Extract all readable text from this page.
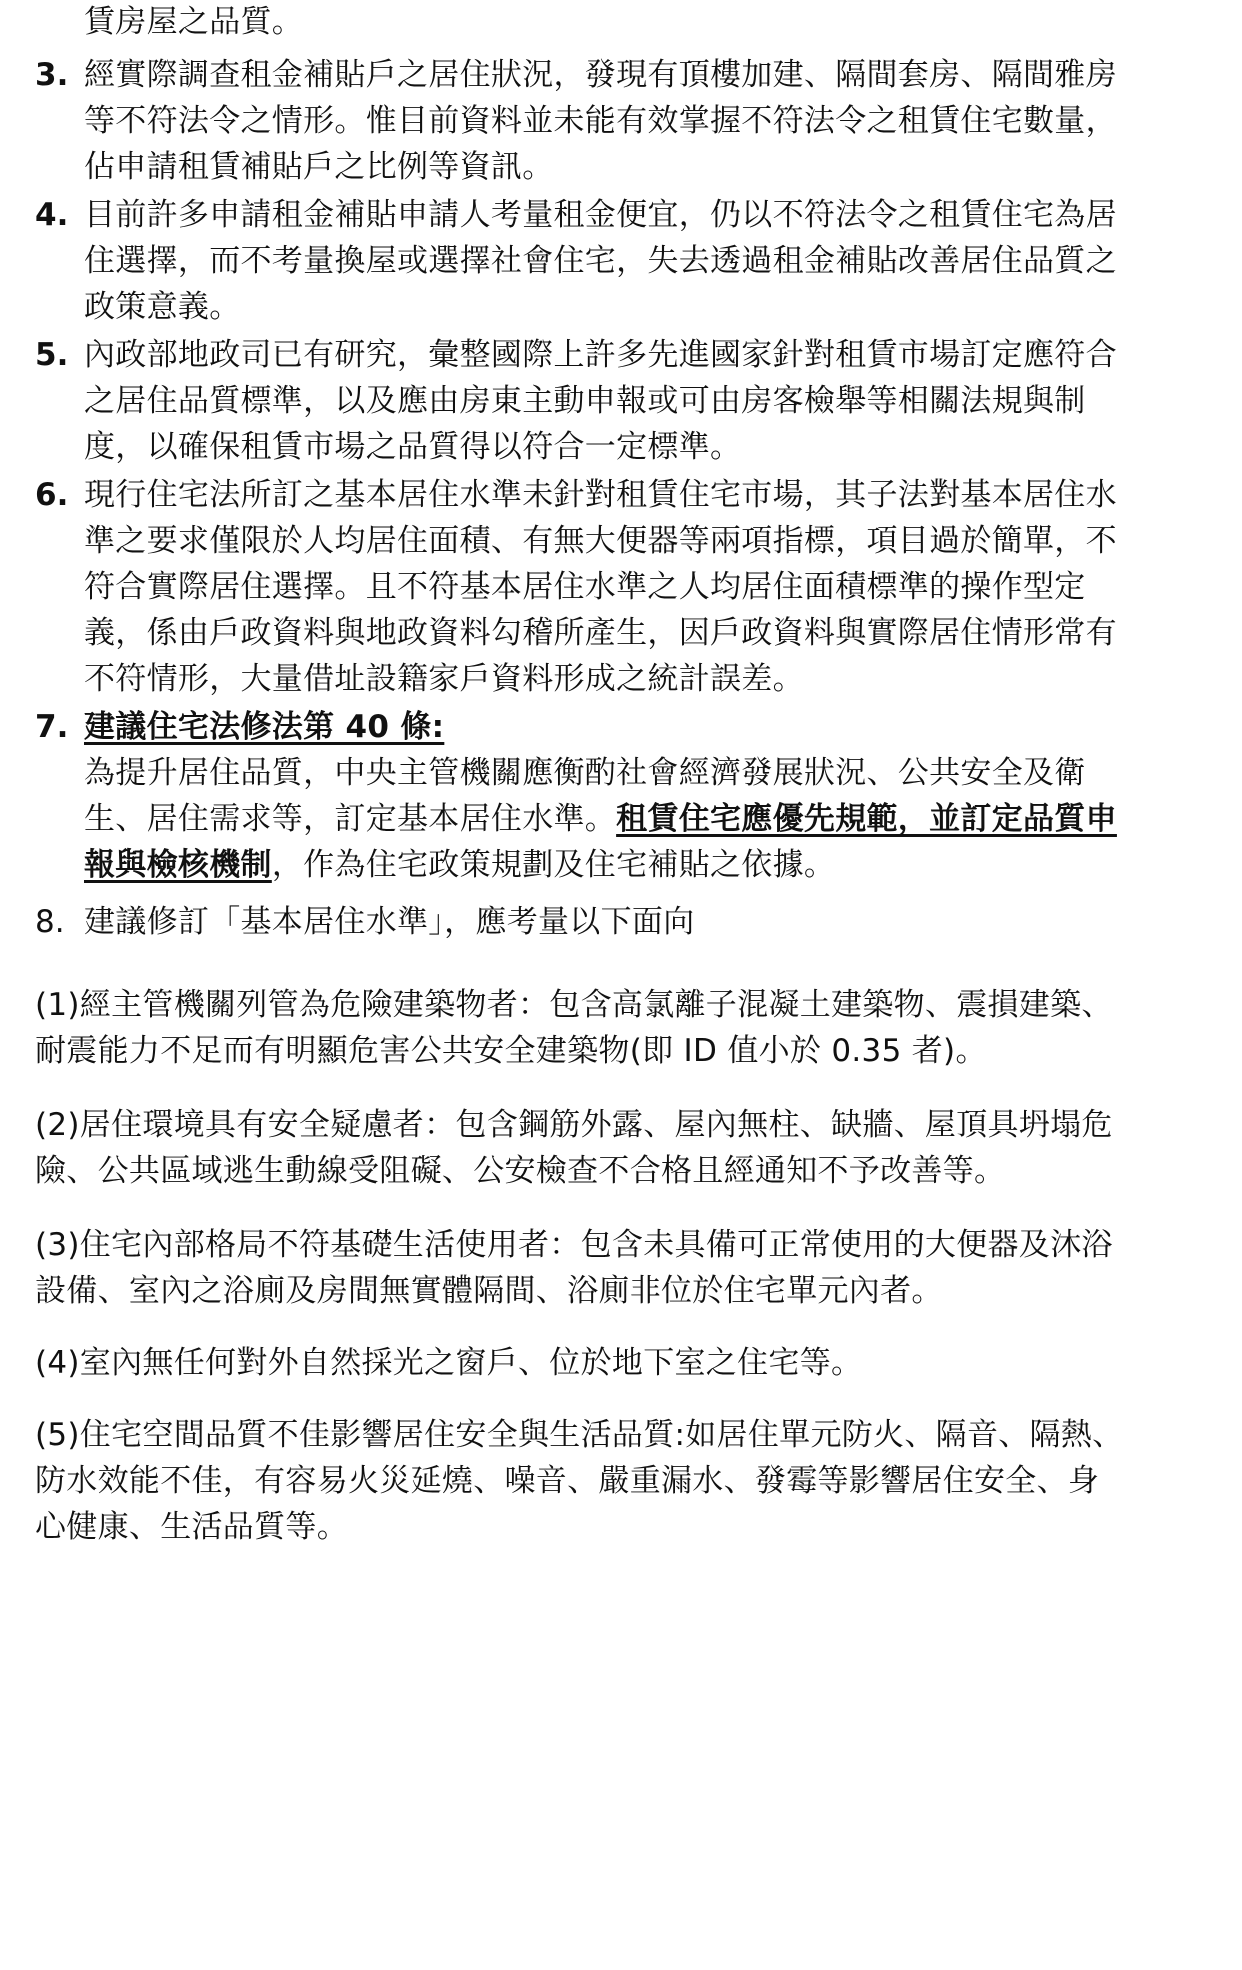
賃房屋之品質。
3. 經實際調查租金補貼戶之居住狀況，發現有頂樓加建、隔間套房、隔間雅房
等不符法令之情形。惟目前資料並未能有效掌握不符法令之租賃住宅數量，
佔申請租賃補貼戶之比例等資訊。
4. 目前許多申請租金補貼申請人考量租金便宜，仍以不符法令之租賃住宅為居
住選擇，而不考量換屋或選擇社會住宅，失去透過租金補貼改善居住品質之
政策意義。
5. 內政部地政司已有研究，彙整國際上許多先進國家針對租賃市場訂定應符合
之居住品質標準，以及應由房東主動申報或可由房客檢舉等相關法規與制
度，以確保租賃市場之品質得以符合一定標準。
6. 現行住宅法所訂之基本居住水準未針對租賃住宅市場，其子法對基本居住水
準之要求僅限於人均居住面積、有無大便器等兩項指標，項目過於簡單，不
符合實際居住選擇。且不符基本居住水準之人均居住面積標準的操作型定
義，係由戶政資料與地政資料勾稽所產生，因戶政資料與實際居住情形常有
不符情形，大量借址設籍家戶資料形成之統計誤差。
7. 建議住宅法修法第 40 條:
為提升居住品質，中央主管機關應衡酌社會經濟發展狀況、公共安全及衛
生、居住需求等，訂定基本居住水準。租賃住宅應優先規範，並訂定品質申
報與檢核機制，作為住宅政策規劃及住宅補貼之依據。
8. 建議修訂「基本居住水準」，應考量以下面向
(1)經主管機關列管為危險建築物者：包含高氯離子混凝土建築物、震損建築、
耐震能力不足而有明顯危害公共安全建築物(即 ID 值小於 0.35 者)。
(2)居住環境具有安全疑慮者：包含鋼筋外露、屋內無柱、缺牆、屋頂具坍塌危
險、公共區域逃生動線受阻礙、公安檢查不合格且經通知不予改善等。
(3)住宅內部格局不符基礎生活使用者：包含未具備可正常使用的大便器及沐浴
設備、室內之浴廁及房間無實體隔間、浴廁非位於住宅單元內者。
(4)室內無任何對外自然採光之窗戶、位於地下室之住宅等。
(5)住宅空間品質不佳影響居住安全與生活品質:如居住單元防火、隔音、隔熱、
防水效能不佳，有容易火災延燒、噪音、嚴重漏水、發霉等影響居住安全、身
心健康、生活品質等。
